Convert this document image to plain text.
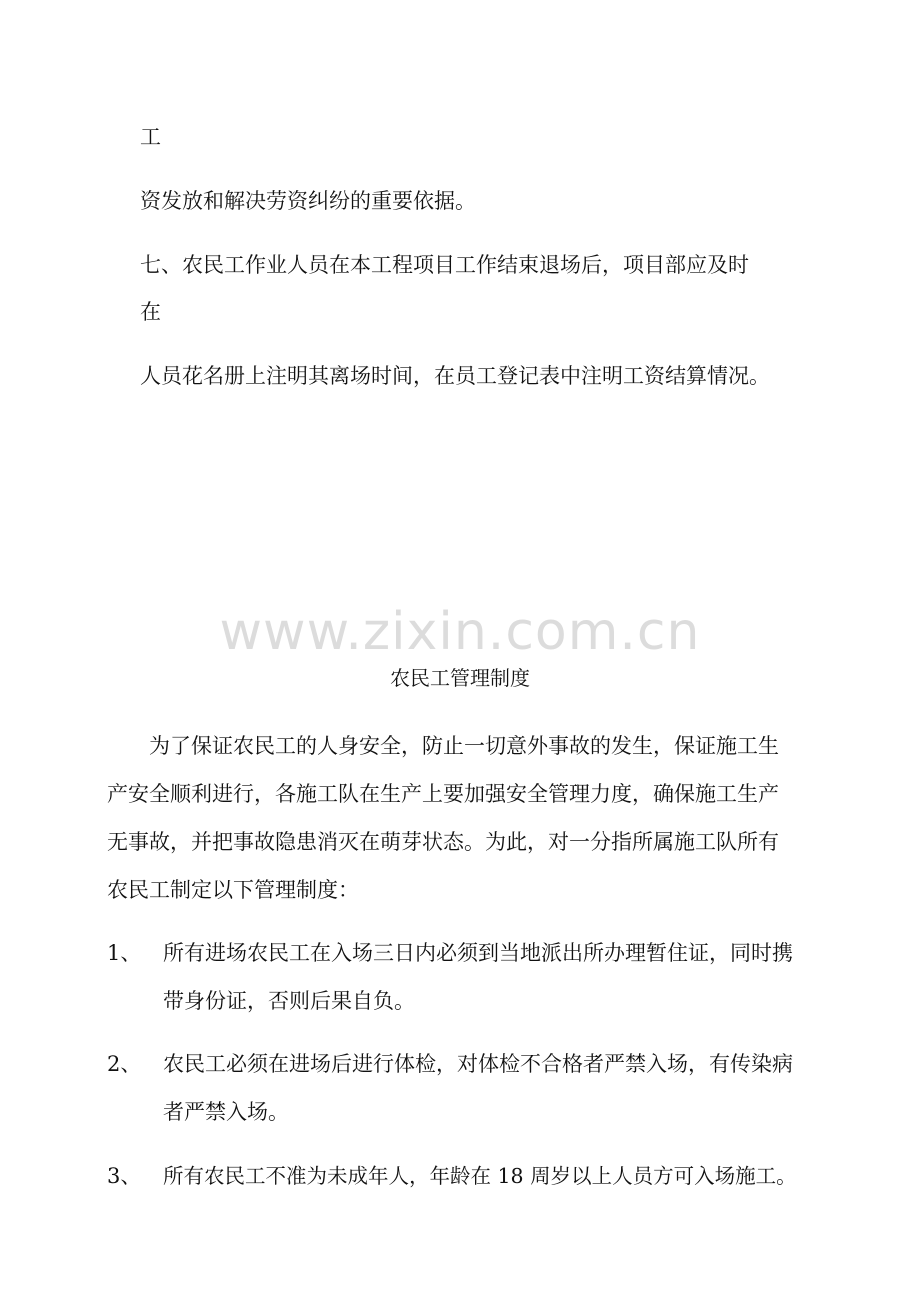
工

资发放和解决劳资纠纷的重要依据。

七、农民工作业人员在本工程项目工作结束退场后，项目部应及时

在

人员花名册上注明其离场时间，在员工登记表中注明工资结算情况。

www.zixin.com.cn
农民工管理制度

为了保证农民工的人身安全，防止一切意外事故的发生，保证施工生

产安全顺利进行，各施工队在生产上要加强安全管理力度，确保施工生产

无事故，并把事故隐患消灭在萌芽状态。为此，对一分指所属施工队所有

农民工制定以下管理制度：

1、 所有进场农民工在入场三日内必须到当地派出所办理暂住证，同时携

带身份证，否则后果自负。

2、 农民工必须在进场后进行体检，对体检不合格者严禁入场，有传染病

者严禁入场。

3、 所有农民工不准为未成年人，年龄在 18 周岁以上人员方可入场施工。
